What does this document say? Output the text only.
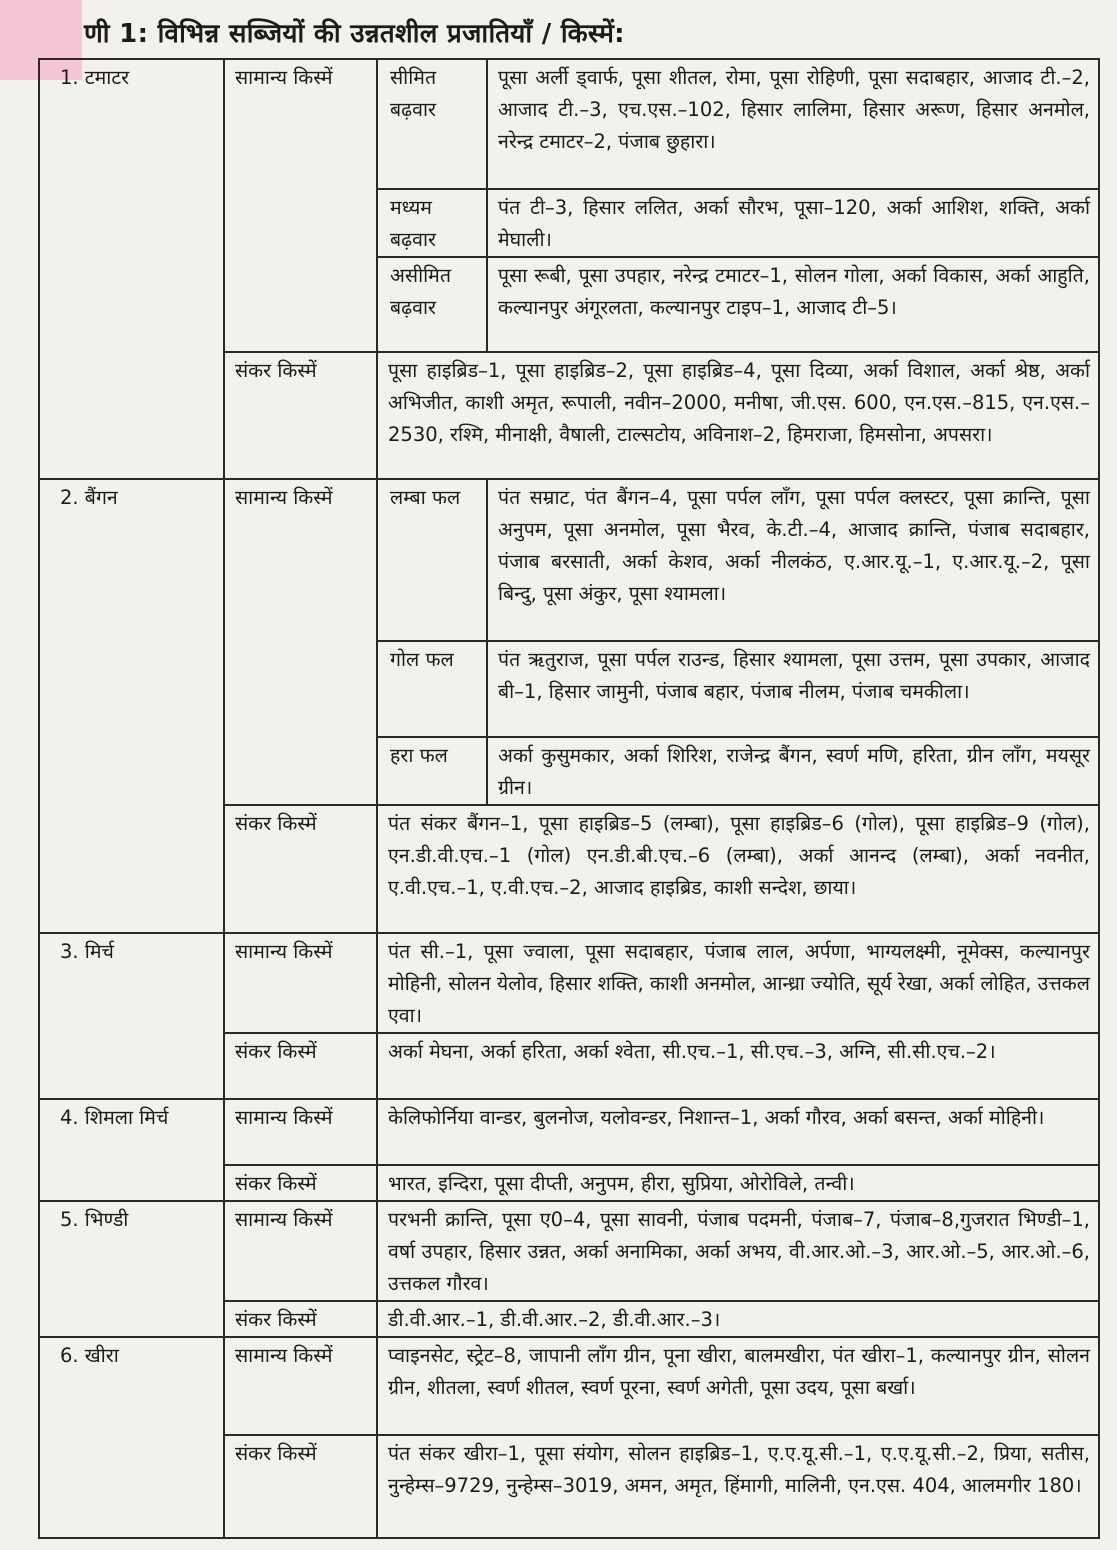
णी 1: विभिन्न सब्जियों की उन्नतशील प्रजातियाँ / किस्में:
1. टमाटर	सामान्य किस्में	सीमित बढ़वार	पूसा अर्ली ड्वार्फ, पूसा शीतल, रोमा, पूसा रोहिणी, पूसा सदाबहार, आजाद टी.–2, आजाद टी.–3, एच.एस.–102, हिसार लालिमा, हिसार अरूण, हिसार अनमोल, नरेन्द्र टमाटर–2, पंजाब छुहारा।
		मध्यम बढ़वार	पंत टी–3, हिसार ललित, अर्का सौरभ, पूसा–120, अर्का आशिश, शक्ति, अर्का मेघाली।
		असीमित बढ़वार	पूसा रूबी, पूसा उपहार, नरेन्द्र टमाटर–1, सोलन गोला, अर्का विकास, अर्का आहुति, कल्यानपुर अंगूरलता, कल्यानपुर टाइप–1, आजाद टी–5।
	संकर किस्में	पूसा हाइब्रिड–1, पूसा हाइब्रिड–2, पूसा हाइब्रिड–4, पूसा दिव्या, अर्का विशाल, अर्का श्रेष्ठ, अर्का अभिजीत, काशी अमृत, रूपाली, नवीन–2000, मनीषा, जी.एस. 600, एन.एस.–815, एन.एस.–2530, रश्मि, मीनाक्षी, वैषाली, टाल्सटोय, अविनाश–2, हिमराजा, हिमसोना, अपसरा।	
2. बैंगन	सामान्य किस्में	लम्बा फल	पंत सम्राट, पंत बैंगन–4, पूसा पर्पल लाँग, पूसा पर्पल क्लस्टर, पूसा क्रान्ति, पूसा अनुपम, पूसा अनमोल, पूसा भैरव, के.टी.–4, आजाद क्रान्ति, पंजाब सदाबहार, पंजाब बरसाती, अर्का केशव, अर्का नीलकंठ, ए.आर.यू.–1, ए.आर.यू.–2, पूसा बिन्दु, पूसा अंकुर, पूसा श्यामला।
		गोल फल	पंत ऋतुराज, पूसा पर्पल राउन्ड, हिसार श्यामला, पूसा उत्तम, पूसा उपकार, आजाद बी–1, हिसार जामुनी, पंजाब बहार, पंजाब नीलम, पंजाब चमकीला।
		हरा फल	अर्का कुसुमकार, अर्का शिरिश, राजेन्द्र बैंगन, स्वर्ण मणि, हरिता, ग्रीन लाँग, मयसूर ग्रीन।
	संकर किस्में	पंत संकर बैंगन–1, पूसा हाइब्रिड–5 (लम्बा), पूसा हाइब्रिड–6 (गोल), पूसा हाइब्रिड–9 (गोल), एन.डी.वी.एच.–1 (गोल) एन.डी.बी.एच.–6 (लम्बा), अर्का आनन्द (लम्बा), अर्का नवनीत, ए.वी.एच.–1, ए.वी.एच.–2, आजाद हाइब्रिड, काशी सन्देश, छाया।	
3. मिर्च	सामान्य किस्में	पंत सी.–1, पूसा ज्वाला, पूसा सदाबहार, पंजाब लाल, अर्पणा, भाग्यलक्ष्मी, नूमेक्स, कल्यानपुर मोहिनी, सोलन येलोव, हिसार शक्ति, काशी अनमोल, आन्ध्रा ज्योति, सूर्य रेखा, अर्का लोहित, उत्तकल एवा।	
	संकर किस्में	अर्का मेघना, अर्का हरिता, अर्का श्वेता, सी.एच.–1, सी.एच.–3, अग्नि, सी.सी.एच.–2।	
4. शिमला मिर्च	सामान्य किस्में	केलिफोर्निया वान्डर, बुलनोज, यलोवन्डर, निशान्त–1, अर्का गौरव, अर्का बसन्त, अर्का मोहिनी।	
	संकर किस्में	भारत, इन्दिरा, पूसा दीप्ती, अनुपम, हीरा, सुप्रिया, ओरोविले, तन्वी।	
5. भिण्डी	सामान्य किस्में	परभनी क्रान्ति, पूसा ए0–4, पूसा सावनी, पंजाब पदमनी, पंजाब–7, पंजाब–8,गुजरात भिण्डी–1, वर्षा उपहार, हिसार उन्नत, अर्का अनामिका, अर्का अभय, वी.आर.ओ.–3, आर.ओ.–5, आर.ओ.–6, उत्तकल गौरव।	
	संकर किस्में	डी.वी.आर.–1, डी.वी.आर.–2, डी.वी.आर.–3।	
6. खीरा	सामान्य किस्में	प्वाइनसेट, स्ट्रेट–8, जापानी लाँग ग्रीन, पूना खीरा, बालमखीरा, पंत खीरा–1, कल्यानपुर ग्रीन, सोलन ग्रीन, शीतला, स्वर्ण शीतल, स्वर्ण पूरना, स्वर्ण अगेती, पूसा उदय, पूसा बर्खा।	
	संकर किस्में	पंत संकर खीरा–1, पूसा संयोग, सोलन हाइब्रिड–1, ए.ए.यू.सी.–1, ए.ए.यू.सी.–2, प्रिया, सतीस, नुन्हेम्स–9729, नुन्हेम्स–3019, अमन, अमृत, हिंमागी, मालिनी, एन.एस. 404, आलमगीर 180।	
